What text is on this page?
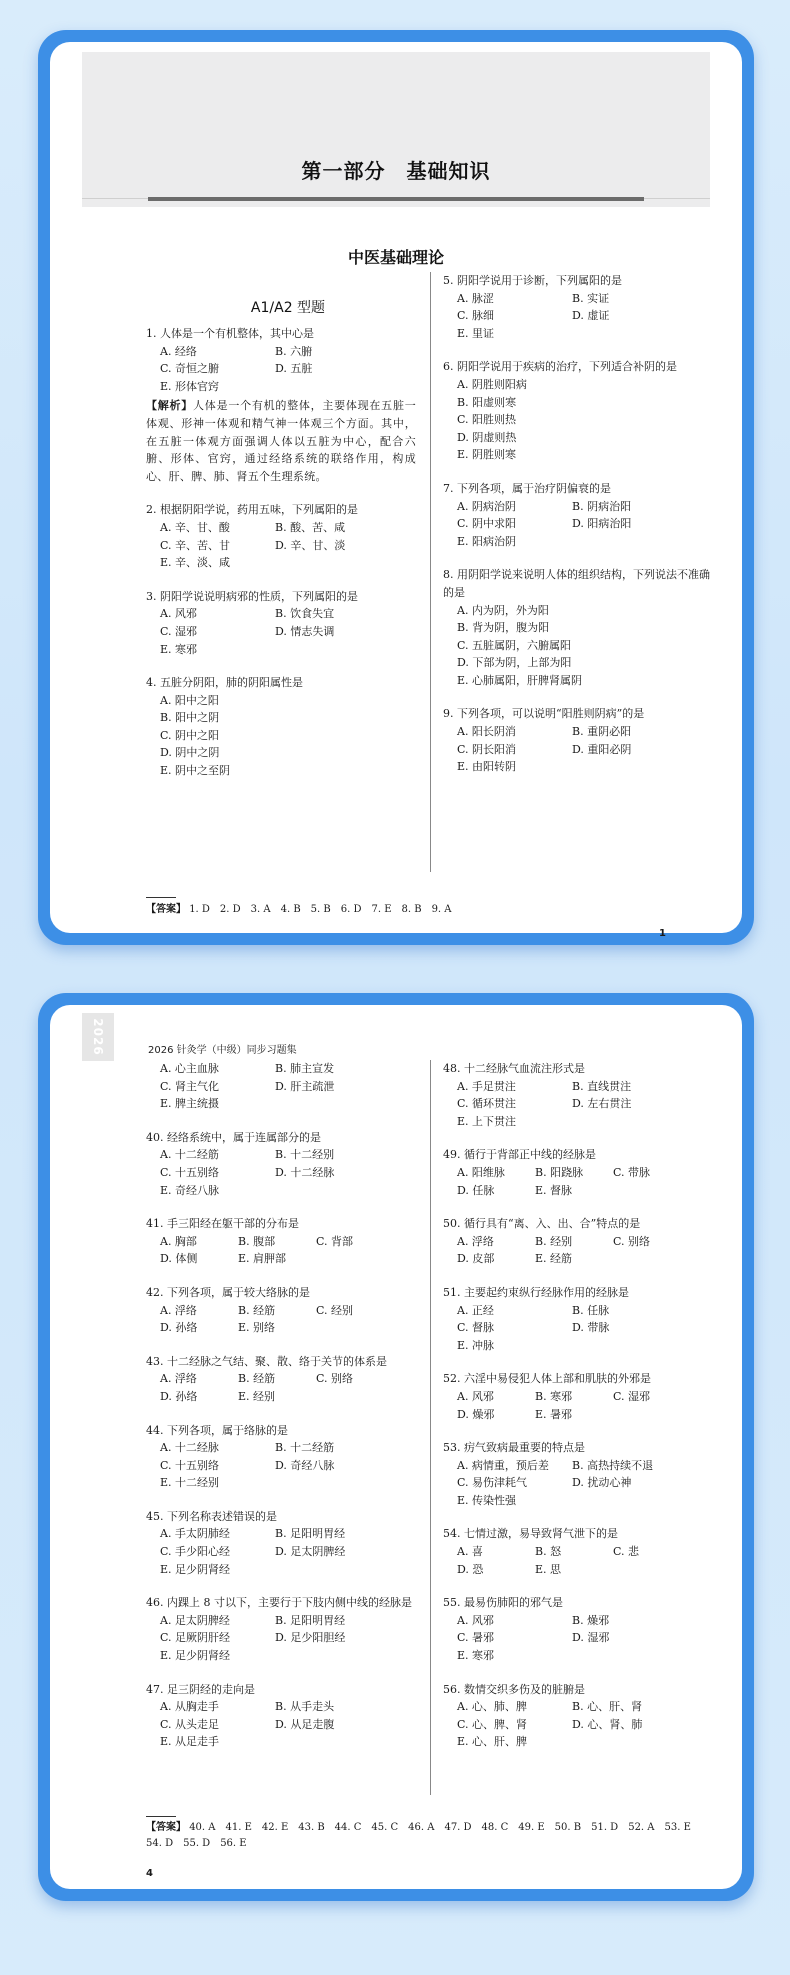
第一部分　基础知识
中医基础理论
A1/A2 型题
1. 人体是一个有机整体，其中心是
A. 经络	B. 六腑
C. 奇恒之腑	D. 五脏
E. 形体官窍
【解析】人体是一个有机的整体，主要体现在五脏一体观、形神一体观和精气神一体观三个方面。其中，在五脏一体观方面强调人体以五脏为中心，配合六腑、形体、官窍，通过经络系统的联络作用，构成心、肝、脾、肺、肾五个生理系统。
2. 根据阴阳学说，药用五味，下列属阳的是
A. 辛、甘、酸	B. 酸、苦、咸
C. 辛、苦、甘	D. 辛、甘、淡
E. 辛、淡、咸
3. 阴阳学说说明病邪的性质，下列属阳的是
A. 风邪	B. 饮食失宜
C. 湿邪	D. 情志失调
E. 寒邪
4. 五脏分阴阳，肺的阴阳属性是
A. 阳中之阳
B. 阳中之阴
C. 阴中之阳
D. 阴中之阴
E. 阴中之至阴
5. 阴阳学说用于诊断，下列属阳的是
A. 脉涩	B. 实证
C. 脉细	D. 虚证
E. 里证
6. 阴阳学说用于疾病的治疗，下列适合补阴的是
A. 阴胜则阳病
B. 阳虚则寒
C. 阳胜则热
D. 阴虚则热
E. 阴胜则寒
7. 下列各项，属于治疗阴偏衰的是
A. 阴病治阴	B. 阴病治阳
C. 阴中求阳	D. 阳病治阳
E. 阳病治阴
8. 用阴阳学说来说明人体的组织结构，下列说法不准确的是
A. 内为阴，外为阳
B. 背为阴，腹为阳
C. 五脏属阴，六腑属阳
D. 下部为阴，上部为阳
E. 心肺属阳，肝脾肾属阴
9. 下列各项，可以说明“阳胜则阴病”的是
A. 阳长阴消	B. 重阴必阳
C. 阴长阳消	D. 重阳必阴
E. 由阳转阴
【答案】 1. D　2. D　3. A　4. B　5. B　6. D　7. E　8. B　9. A
1
2026	2026 针灸学（中级）同步习题集
A. 心主血脉	B. 肺主宣发
C. 肾主气化	D. 肝主疏泄
E. 脾主统摄
40. 经络系统中，属于连属部分的是
A. 十二经筋	B. 十二经别
C. 十五别络	D. 十二经脉
E. 奇经八脉
41. 手三阳经在躯干部的分布是
A. 胸部	B. 腹部	C. 背部
D. 体侧	E. 肩胛部
42. 下列各项，属于较大络脉的是
A. 浮络	B. 经筋	C. 经别
D. 孙络	E. 别络
43. 十二经脉之气结、聚、散、络于关节的体系是
A. 浮络	B. 经筋	C. 别络
D. 孙络	E. 经别
44. 下列各项，属于络脉的是
A. 十二经脉	B. 十二经筋
C. 十五别络	D. 奇经八脉
E. 十二经别
45. 下列名称表述错误的是
A. 手太阴肺经	B. 足阳明胃经
C. 手少阳心经	D. 足太阴脾经
E. 足少阴肾经
46. 内踝上 8 寸以下，主要行于下肢内侧中线的经脉是
A. 足太阴脾经	B. 足阳明胃经
C. 足厥阴肝经	D. 足少阳胆经
E. 足少阴肾经
47. 足三阴经的走向是
A. 从胸走手	B. 从手走头
C. 从头走足	D. 从足走腹
E. 从足走手
48. 十二经脉气血流注形式是
A. 手足贯注	B. 直线贯注
C. 循环贯注	D. 左右贯注
E. 上下贯注
49. 循行于背部正中线的经脉是
A. 阳维脉	B. 阳跷脉	C. 带脉
D. 任脉	E. 督脉
50. 循行具有“离、入、出、合”特点的是
A. 浮络	B. 经别	C. 别络
D. 皮部	E. 经筋
51. 主要起约束纵行经脉作用的经脉是
A. 正经	B. 任脉
C. 督脉	D. 带脉
E. 冲脉
52. 六淫中易侵犯人体上部和肌肤的外邪是
A. 风邪	B. 寒邪	C. 湿邪
D. 燥邪	E. 暑邪
53. 疠气致病最重要的特点是
A. 病情重，预后差	B. 高热持续不退
C. 易伤津耗气	D. 扰动心神
E. 传染性强
54. 七情过激，易导致肾气泄下的是
A. 喜	B. 怒	C. 悲
D. 恐	E. 思
55. 最易伤肺阳的邪气是
A. 风邪	B. 燥邪
C. 暑邪	D. 湿邪
E. 寒邪
56. 数情交织多伤及的脏腑是
A. 心、肺、脾	B. 心、肝、肾
C. 心、脾、肾	D. 心、肾、肺
E. 心、肝、脾
【答案】 40. A　41. E　42. E　43. B　44. C　45. C　46. A　47. D　48. C　49. E　50. B　51. D　52. A　53. E　54. D　55. D　56. E
4
